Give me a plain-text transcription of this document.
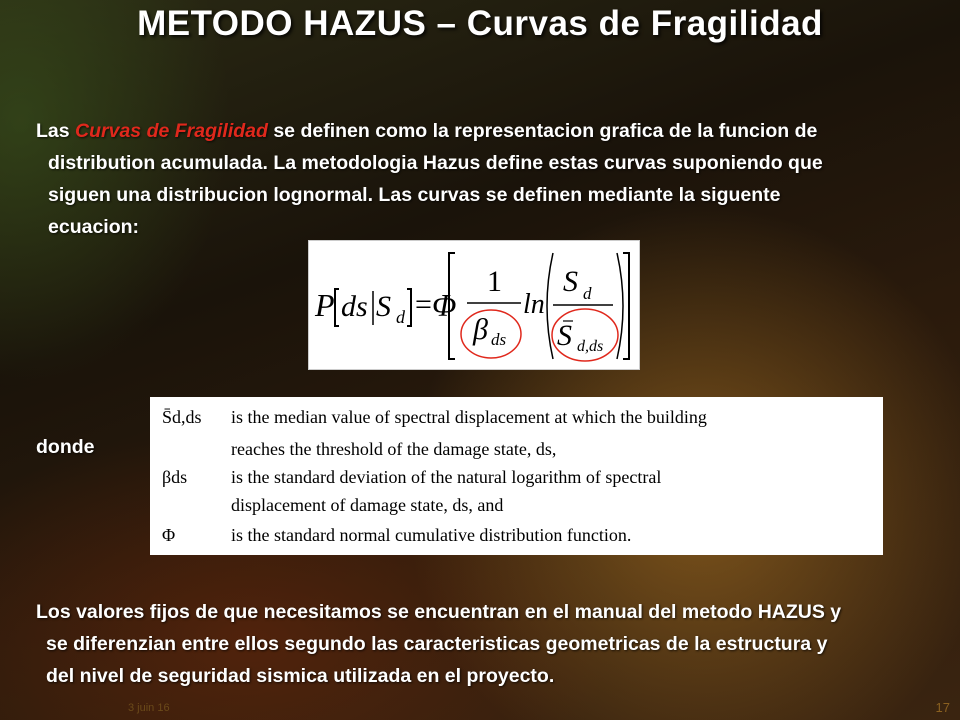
METODO HAZUS – Curvas de Fragilidad
Las Curvas de Fragilidad se definen como la representacion grafica de la funcion de
distribution acumulada. La metodologia Hazus define estas curvas suponiendo que
siguen una distribucion lognormal. Las curvas se definen mediante la siguente
ecuacion:
P ds S d = Φ
1
β ds
ln
S d
S d,ds
donde
S̄d,ds is the median value of spectral displacement at which the building
reaches the threshold of the damage state, ds,
βds is the standard deviation of the natural logarithm of spectral
displacement of damage state, ds, and
Φ	is the standard normal cumulative distribution function.
Los valores fijos de que necesitamos se encuentran en el manual del metodo HAZUS y
se diferenzian entre ellos segundo las caracteristicas geometricas de la estructura y
del nivel de seguridad sismica utilizada en el proyecto.
3 juin 16	17
